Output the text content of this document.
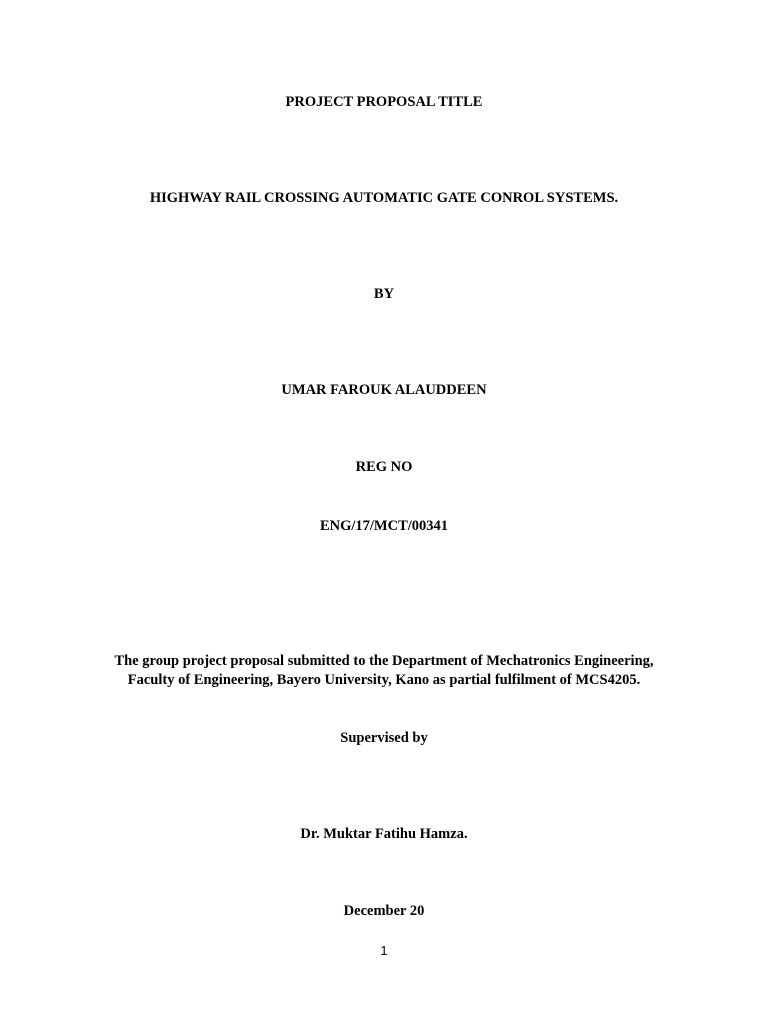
PROJECT PROPOSAL TITLE
HIGHWAY RAIL CROSSING AUTOMATIC GATE CONROL SYSTEMS.
BY
UMAR FAROUK ALAUDDEEN
REG NO
ENG/17/MCT/00341
The group project proposal submitted to the Department of Mechatronics Engineering,
Faculty of Engineering, Bayero University, Kano as partial fulfilment of MCS4205.
Supervised by
Dr. Muktar Fatihu Hamza.
December 20
1
